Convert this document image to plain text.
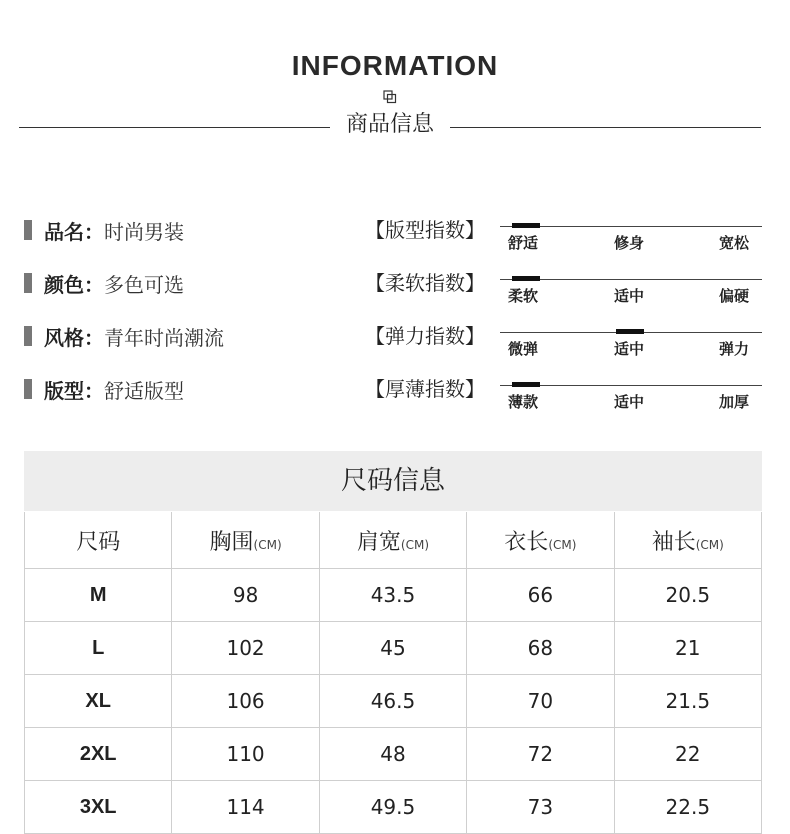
INFORMATION
商品信息
品名： 时尚男装
颜色： 多色可选
风格： 青年时尚潮流
版型： 舒适版型
【版型指数】
舒适	修身	宽松
【柔软指数】
柔软	适中	偏硬
【弹力指数】
微弹	适中	弹力
【厚薄指数】
薄款	适中	加厚
尺码信息
尺码	胸围(CM)	肩宽(CM)	衣长(CM)	袖长(CM)
M	98	43.5	66	20.5
L	102	45	68	21
XL	106	46.5	70	21.5
2XL	110	48	72	22
3XL	114	49.5	73	22.5
